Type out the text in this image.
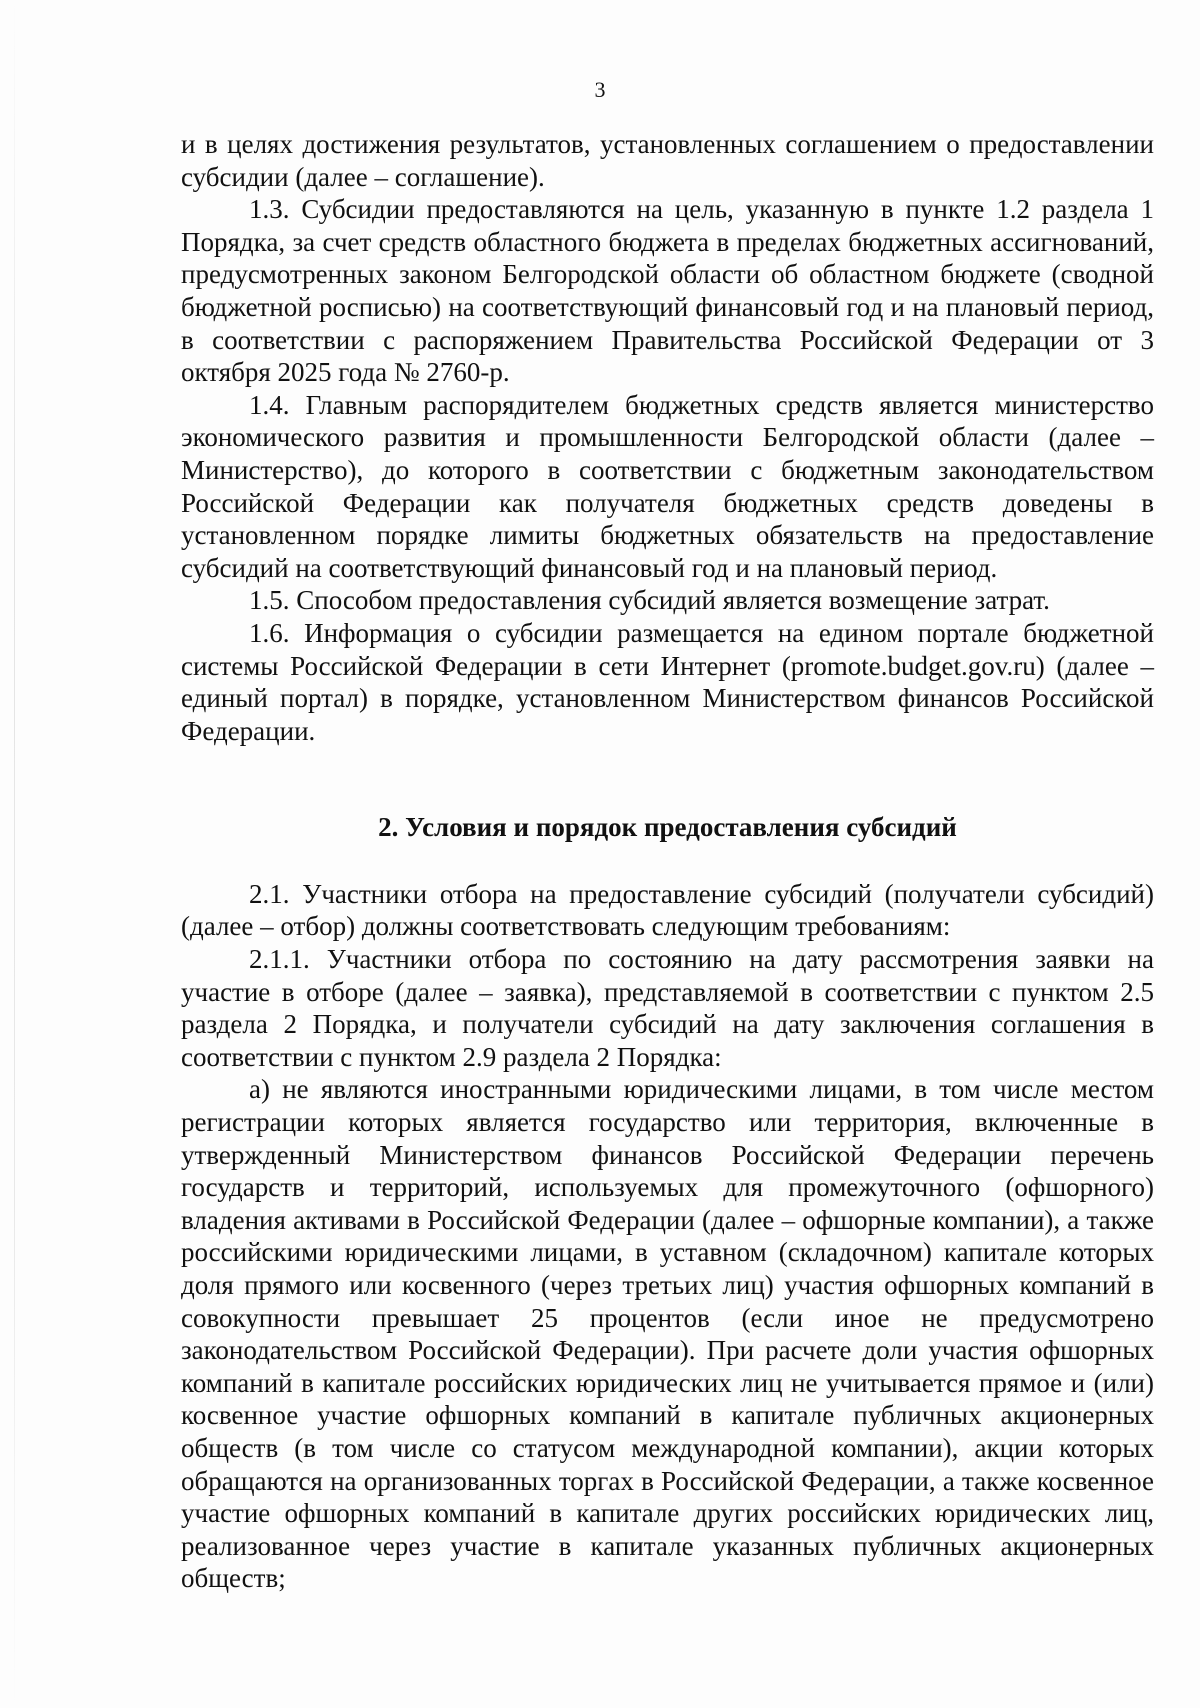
3

и в целях достижения результатов, установленных соглашением о предоставлении субсидии (далее – соглашение).

1.3. Субсидии предоставляются на цель, указанную в пункте 1.2 раздела 1 Порядка, за счет средств областного бюджета в пределах бюджетных ассигнований, предусмотренных законом Белгородской области об областном бюджете (сводной бюджетной росписью) на соответствующий финансовый год и на плановый период, в соответствии с распоряжением Правительства Российской Федерации от 3 октября 2025 года № 2760-р.

1.4. Главным распорядителем бюджетных средств является министерство экономического развития и промышленности Белгородской области (далее – Министерство), до которого в соответствии с бюджетным законодательством Российской Федерации как получателя бюджетных средств доведены в установленном порядке лимиты бюджетных обязательств на предоставление субсидий на соответствующий финансовый год и на плановый период.

1.5. Способом предоставления субсидий является возмещение затрат.

1.6. Информация о субсидии размещается на едином портале бюджетной системы Российской Федерации в сети Интернет (promote.budget.gov.ru) (далее – единый портал) в порядке, установленном Министерством финансов Российской Федерации.

2. Условия и порядок предоставления субсидий

2.1. Участники отбора на предоставление субсидий (получатели субсидий) (далее – отбор) должны соответствовать следующим требованиям:

2.1.1. Участники отбора по состоянию на дату рассмотрения заявки на участие в отборе (далее – заявка), представляемой в соответствии с пунктом 2.5 раздела 2 Порядка, и получатели субсидий на дату заключения соглашения в соответствии с пунктом 2.9 раздела 2 Порядка:

а) не являются иностранными юридическими лицами, в том числе местом регистрации которых является государство или территория, включенные в утвержденный Министерством финансов Российской Федерации перечень государств и территорий, используемых для промежуточного (офшорного) владения активами в Российской Федерации (далее – офшорные компании), а также российскими юридическими лицами, в уставном (складочном) капитале которых доля прямого или косвенного (через третьих лиц) участия офшорных компаний в совокупности превышает 25 процентов (если иное не предусмотрено законодательством Российской Федерации). При расчете доли участия офшорных компаний в капитале российских юридических лиц не учитывается прямое и (или) косвенное участие офшорных компаний в капитале публичных акционерных обществ (в том числе со статусом международной компании), акции которых обращаются на организованных торгах в Российской Федерации, а также косвенное участие офшорных компаний в капитале других российских юридических лиц, реализованное через участие в капитале указанных публичных акционерных обществ;
